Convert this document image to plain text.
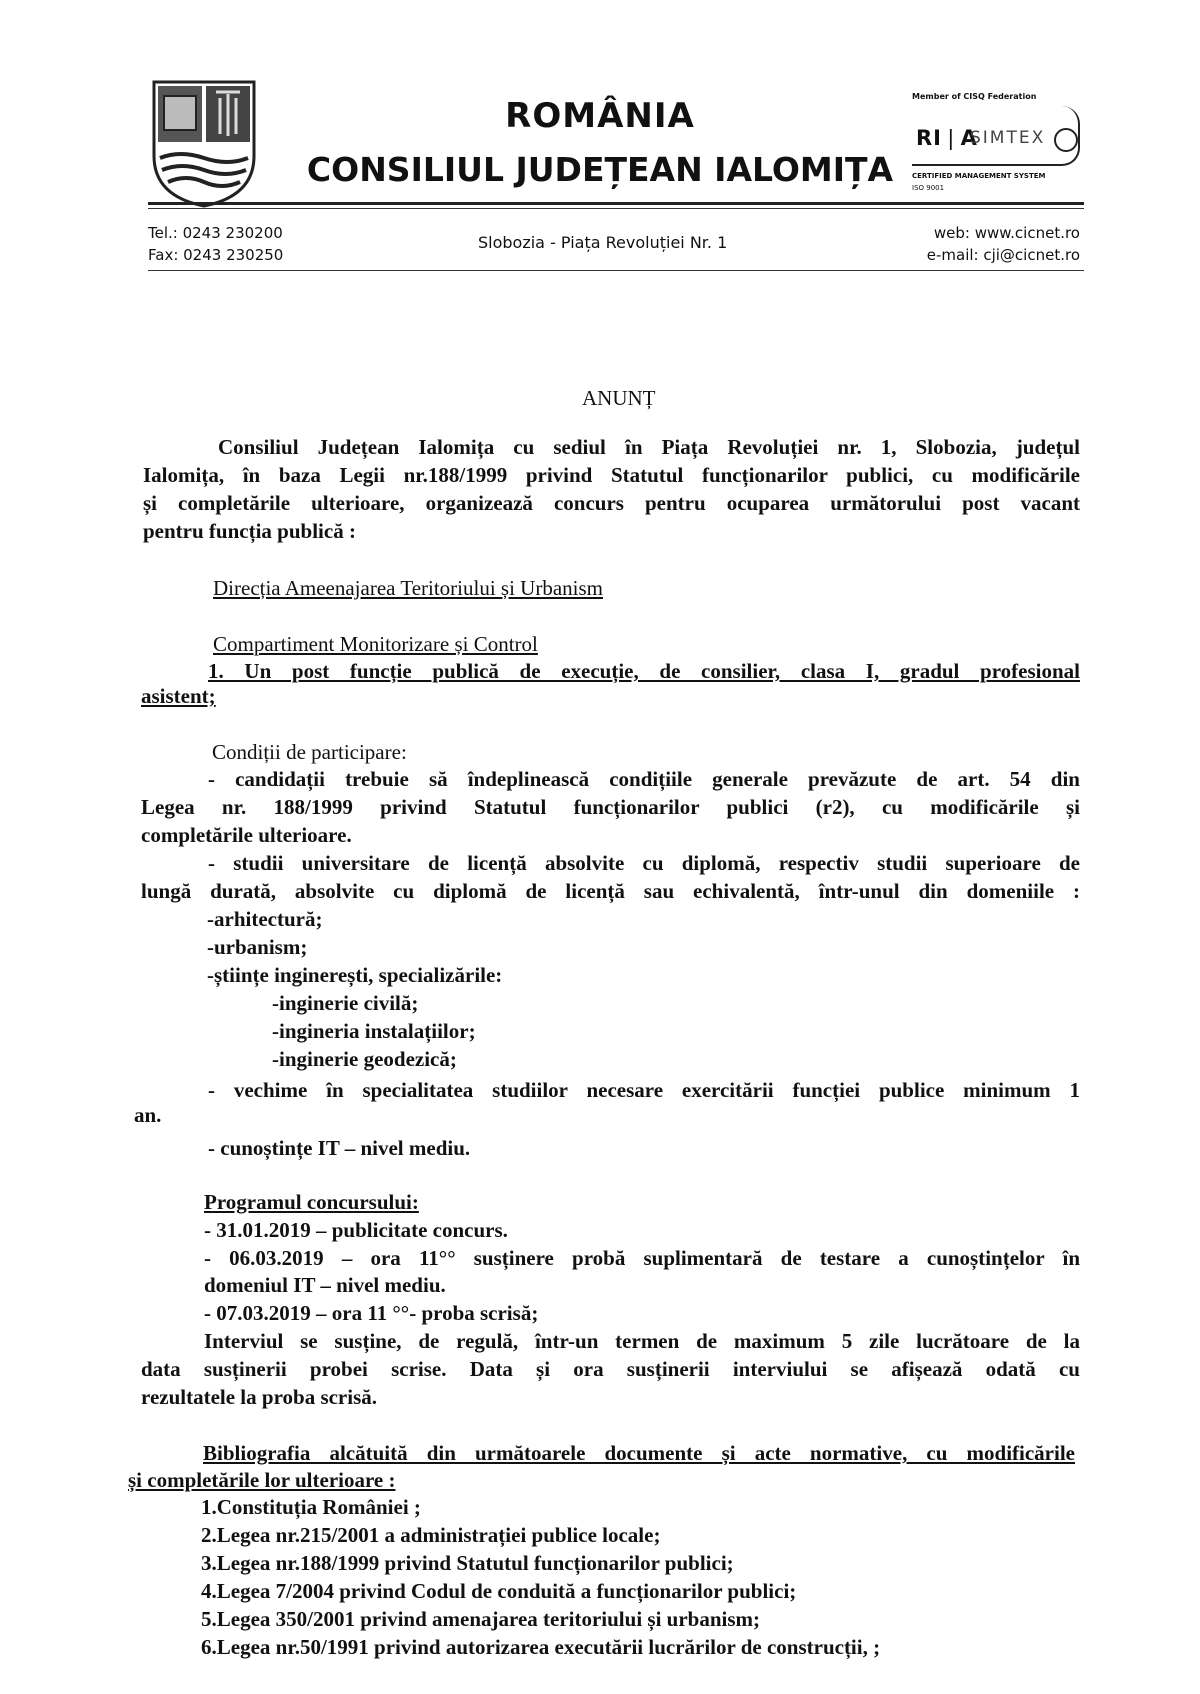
ROMÂNIA
CONSILIUL JUDEȚEAN IALOMIȚA
Member of CISQ Federation
RI❘A
SIMTEX
CERTIFIED MANAGEMENT SYSTEM
ISO 9001
Tel.: 0243 230200
Fax: 0243 230250
Slobozia - Piața Revoluției Nr. 1	web: www.cicnet.ro
e-mail: cji@cicnet.ro
ANUNȚ
Consiliul Județean Ialomița cu sediul în Piața Revoluției nr. 1, Slobozia, județul
Ialomița, în baza Legii nr.188/1999 privind Statutul funcționarilor publici, cu modificările
și completările ulterioare, organizează concurs pentru ocuparea următorului post vacant
pentru funcția publică :
Direcția Ameenajarea Teritoriului și Urbanism
Compartiment Monitorizare și Control
1. Un post funcție publică de execuție, de consilier, clasa I, gradul profesional
asistent;
Condiții de participare:
- candidații trebuie să îndeplinească condițiile generale prevăzute de art. 54 din
Legea nr. 188/1999 privind Statutul funcționarilor publici (r2), cu modificările și
completările ulterioare.
- studii universitare de licență absolvite cu diplomă, respectiv studii superioare de
lungă durată, absolvite cu diplomă de licență sau echivalentă, într-unul din domeniile :
-arhitectură;
-urbanism;
-științe inginerești, specializările:
-inginerie civilă;
-ingineria instalațiilor;
-inginerie geodezică;
- vechime în specialitatea studiilor necesare exercitării funcției publice minimum 1
an.
- cunoștințe IT – nivel mediu.
Programul concursului:
- 31.01.2019 – publicitate concurs.
- 06.03.2019 – ora 11°° susținere probă suplimentară de testare a cunoștințelor în
domeniul IT – nivel mediu.
- 07.03.2019 – ora 11 °°- proba scrisă;
Interviul se susține, de regulă, într-un termen de maximum 5 zile lucrătoare de la
data susținerii probei scrise. Data și ora susținerii interviului se afișează odată cu
rezultatele la proba scrisă.
Bibliografia alcătuită din următoarele documente și acte normative, cu modificările
și completările lor ulterioare :
1.Constituția României ;
2.Legea nr.215/2001 a administrației publice locale;
3.Legea nr.188/1999 privind Statutul funcționarilor publici;
4.Legea 7/2004 privind Codul de conduită a funcționarilor publici;
5.Legea 350/2001 privind amenajarea teritoriului și urbanism;
6.Legea nr.50/1991 privind autorizarea executării lucrărilor de construcții, ;
